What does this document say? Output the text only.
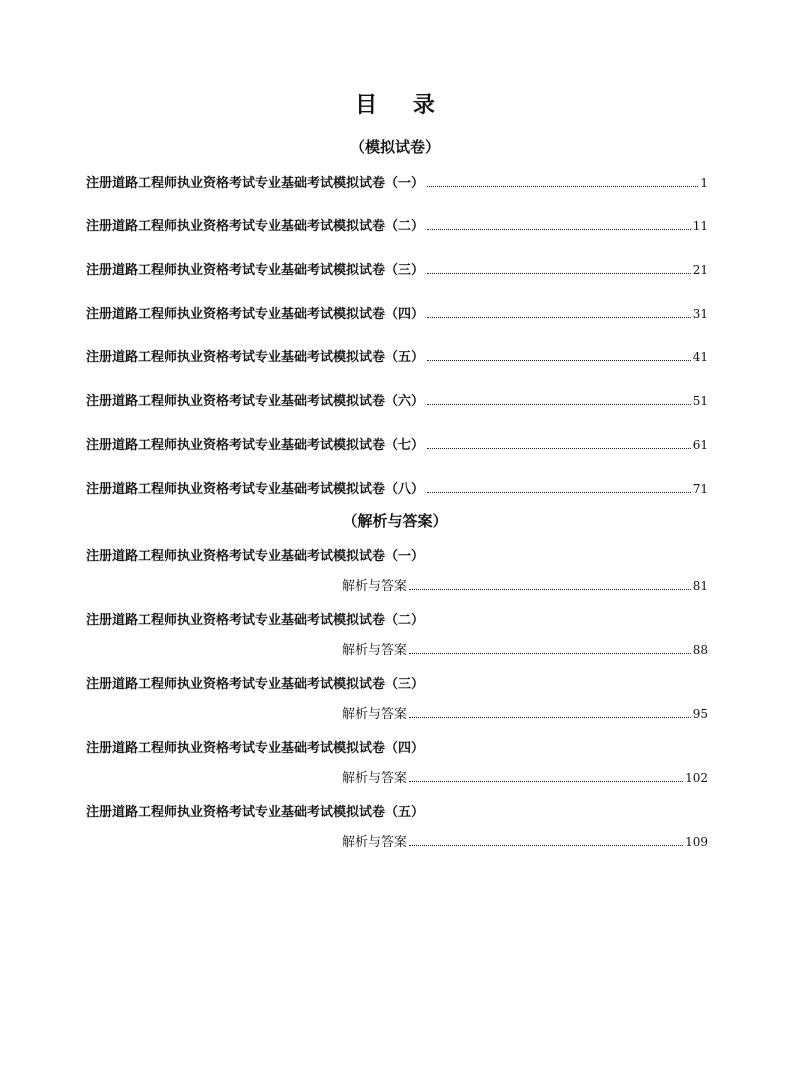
目 录
（模拟试卷）
注册道路工程师执业资格考试专业基础考试模拟试卷（一）	1
注册道路工程师执业资格考试专业基础考试模拟试卷（二）	11
注册道路工程师执业资格考试专业基础考试模拟试卷（三）	21
注册道路工程师执业资格考试专业基础考试模拟试卷（四）	31
注册道路工程师执业资格考试专业基础考试模拟试卷（五）	41
注册道路工程师执业资格考试专业基础考试模拟试卷（六）	51
注册道路工程师执业资格考试专业基础考试模拟试卷（七）	61
注册道路工程师执业资格考试专业基础考试模拟试卷（八）	71
（解析与答案）
注册道路工程师执业资格考试专业基础考试模拟试卷（一）
解析与答案	81
注册道路工程师执业资格考试专业基础考试模拟试卷（二）
解析与答案	88
注册道路工程师执业资格考试专业基础考试模拟试卷（三）
解析与答案	95
注册道路工程师执业资格考试专业基础考试模拟试卷（四）
解析与答案	102
注册道路工程师执业资格考试专业基础考试模拟试卷（五）
解析与答案	109
